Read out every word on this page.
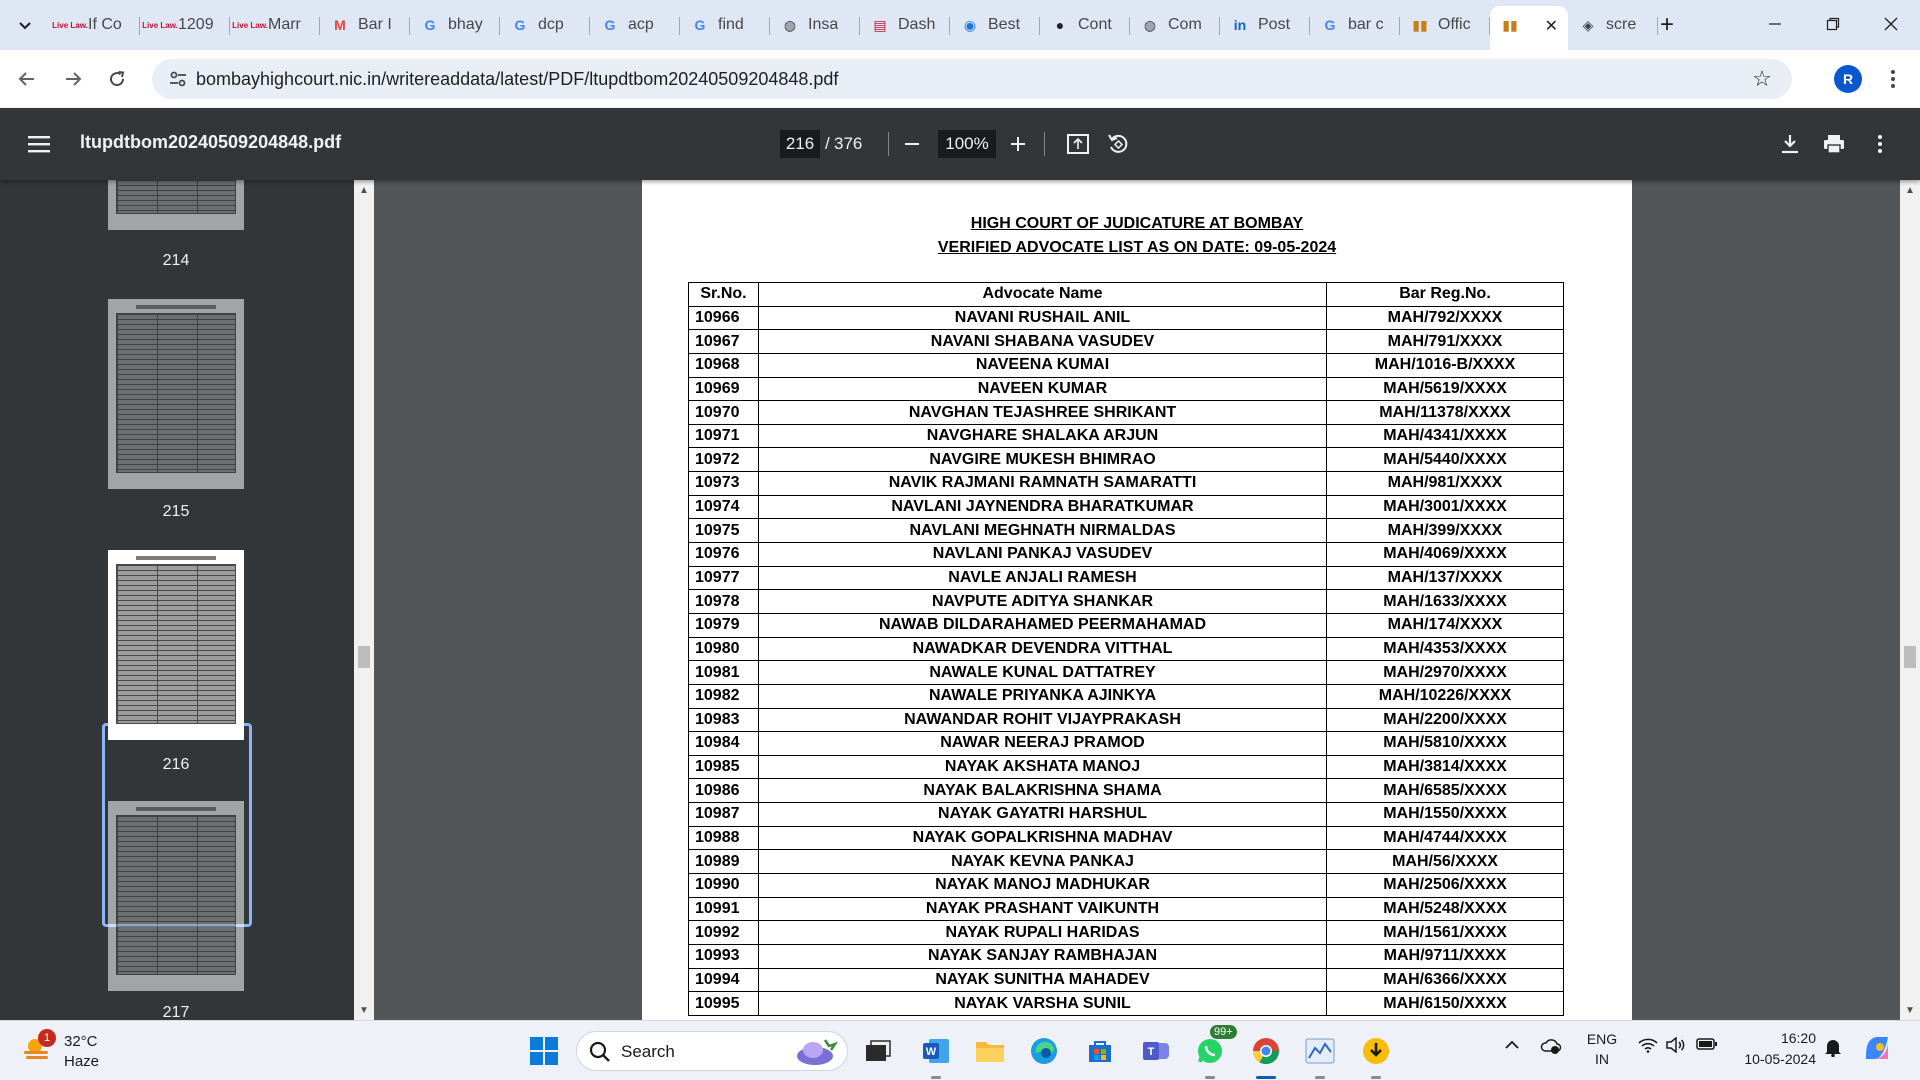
Live Law. If Co	Live Law. 1209 Live Law. Marr M Bar I	G bhay	G dcp	G acp	G find	◍ Insa	▤ Dash ◉ Best	● Cont ◍ Com in Post	G bar c ▮▮ Offic ▮▮ ✕	◈ scre +
bombayhighcourt.nic.in/writereaddata/latest/PDF/ltupdtbom20240509204848.pdf	☆	R
ltupdtbom20240509204848.pdf	216 / 376	100%
214
215
216
217
▲
▼
HIGH COURT OF JUDICATURE AT BOMBAY
VERIFIED ADVOCATE LIST AS ON DATE: 09-05-2024
Sr.No.	Advocate Name	Bar Reg.No.
10966	NAVANI RUSHAIL ANIL	MAH/792/XXXX
10967	NAVANI SHABANA VASUDEV	MAH/791/XXXX
10968	NAVEENA KUMAI	MAH/1016-B/XXXX
10969	NAVEEN KUMAR	MAH/5619/XXXX
10970	NAVGHAN TEJASHREE SHRIKANT	MAH/11378/XXXX
10971	NAVGHARE SHALAKA ARJUN	MAH/4341/XXXX
10972	NAVGIRE MUKESH BHIMRAO	MAH/5440/XXXX
10973	NAVIK RAJMANI RAMNATH SAMARATTI	MAH/981/XXXX
10974	NAVLANI JAYNENDRA BHARATKUMAR	MAH/3001/XXXX
10975	NAVLANI MEGHNATH NIRMALDAS	MAH/399/XXXX
10976	NAVLANI PANKAJ VASUDEV	MAH/4069/XXXX
10977	NAVLE ANJALI RAMESH	MAH/137/XXXX
10978	NAVPUTE ADITYA SHANKAR	MAH/1633/XXXX
10979	NAWAB DILDARAHAMED PEERMAHAMAD	MAH/174/XXXX
10980	NAWADKAR DEVENDRA VITTHAL	MAH/4353/XXXX
10981	NAWALE KUNAL DATTATREY	MAH/2970/XXXX
10982	NAWALE PRIYANKA AJINKYA	MAH/10226/XXXX
10983	NAWANDAR ROHIT VIJAYPRAKASH	MAH/2200/XXXX
10984	NAWAR NEERAJ PRAMOD	MAH/5810/XXXX
10985	NAYAK AKSHATA MANOJ	MAH/3814/XXXX
10986	NAYAK BALAKRISHNA SHAMA	MAH/6585/XXXX
10987	NAYAK GAYATRI HARSHUL	MAH/1550/XXXX
10988	NAYAK GOPALKRISHNA MADHAV	MAH/4744/XXXX
10989	NAYAK KEVNA PANKAJ	MAH/56/XXXX
10990	NAYAK MANOJ MADHUKAR	MAH/2506/XXXX
10991	NAYAK PRASHANT VAIKUNTH	MAH/5248/XXXX
10992	NAYAK RUPALI HARIDAS	MAH/1561/XXXX
10993	NAYAK SANJAY RAMBHAJAN	MAH/9711/XXXX
10994	NAYAK SUNITHA MAHADEV	MAH/6366/XXXX
10995	NAYAK VARSHA SUNIL	MAH/6150/XXXX
▲
▼
1 32°C
Haze
Search	W	T
99+	ENG
IN
16:20
10-05-2024
